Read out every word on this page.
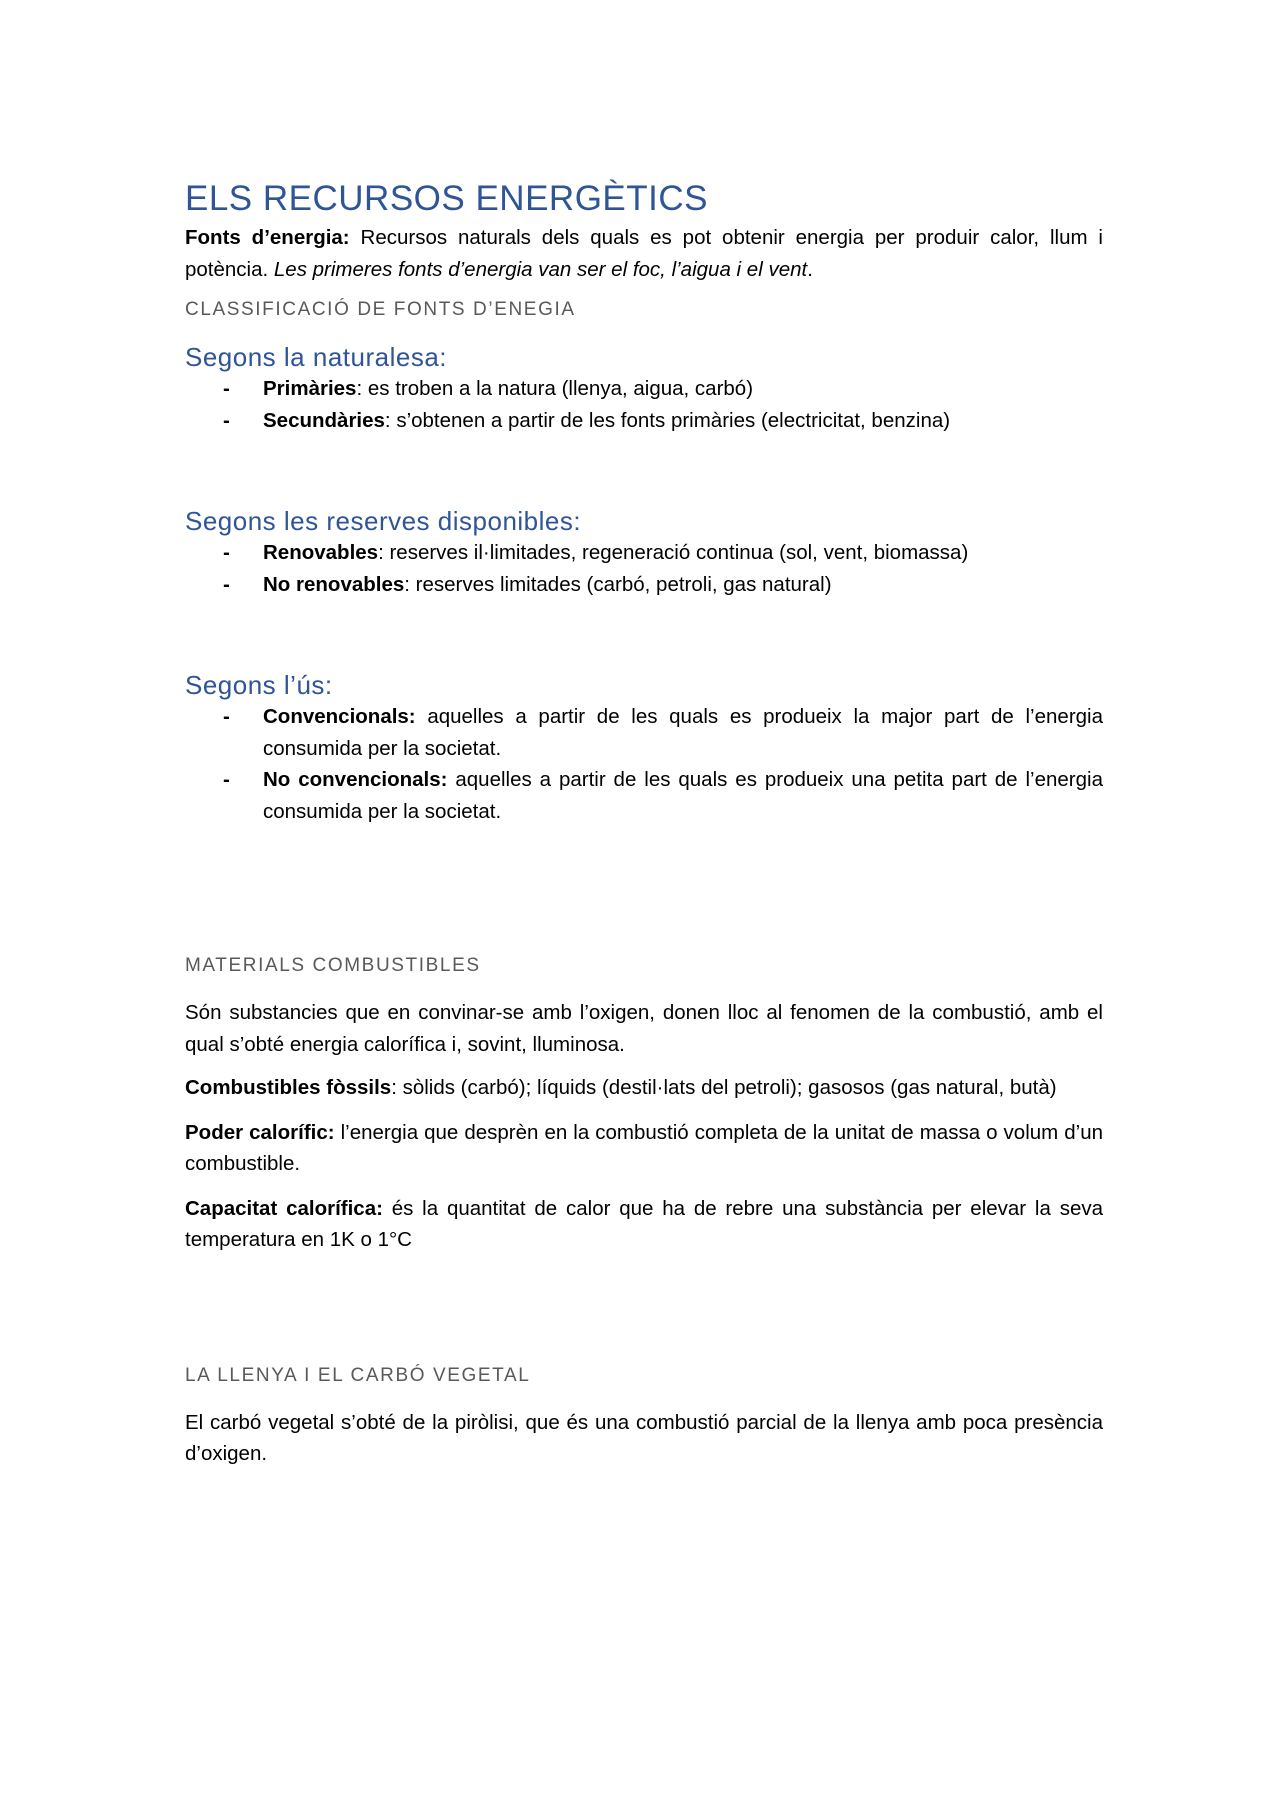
ELS RECURSOS ENERGÈTICS

Fonts d’energia: Recursos naturals dels quals es pot obtenir energia per produir calor, llum i potència. Les primeres fonts d’energia van ser el foc, l’aigua i el vent.

CLASSIFICACIÓ DE FONTS D’ENEGIA
Segons la naturalesa:
- Primàries: es troben a la natura (llenya, aigua, carbó)
- Secundàries: s’obtenen a partir de les fonts primàries (electricitat, benzina)
Segons les reserves disponibles:
- Renovables: reserves il·limitades, regeneració continua (sol, vent, biomassa)
- No renovables: reserves limitades (carbó, petroli, gas natural)
Segons l’ús:
- Convencionals: aquelles a partir de les quals es produeix la major part de l’energia consumida per la societat.
- No convencionals: aquelles a partir de les quals es produeix una petita part de l’energia consumida per la societat.
MATERIALS COMBUSTIBLES

Són substancies que en convinar-se amb l’oxigen, donen lloc al fenomen de la combustió, amb el qual s’obté energia calorífica i, sovint, lluminosa.

Combustibles fòssils: sòlids (carbó); líquids (destil·lats del petroli); gasosos (gas natural, butà)

Poder calorífic: l’energia que desprèn en la combustió completa de la unitat de massa o volum d’un combustible.

Capacitat calorífica: és la quantitat de calor que ha de rebre una substància per elevar la seva temperatura en 1K o 1°C

LA LLENYA I EL CARBÓ VEGETAL

El carbó vegetal s’obté de la piròlisi, que és una combustió parcial de la llenya amb poca presència d’oxigen.
